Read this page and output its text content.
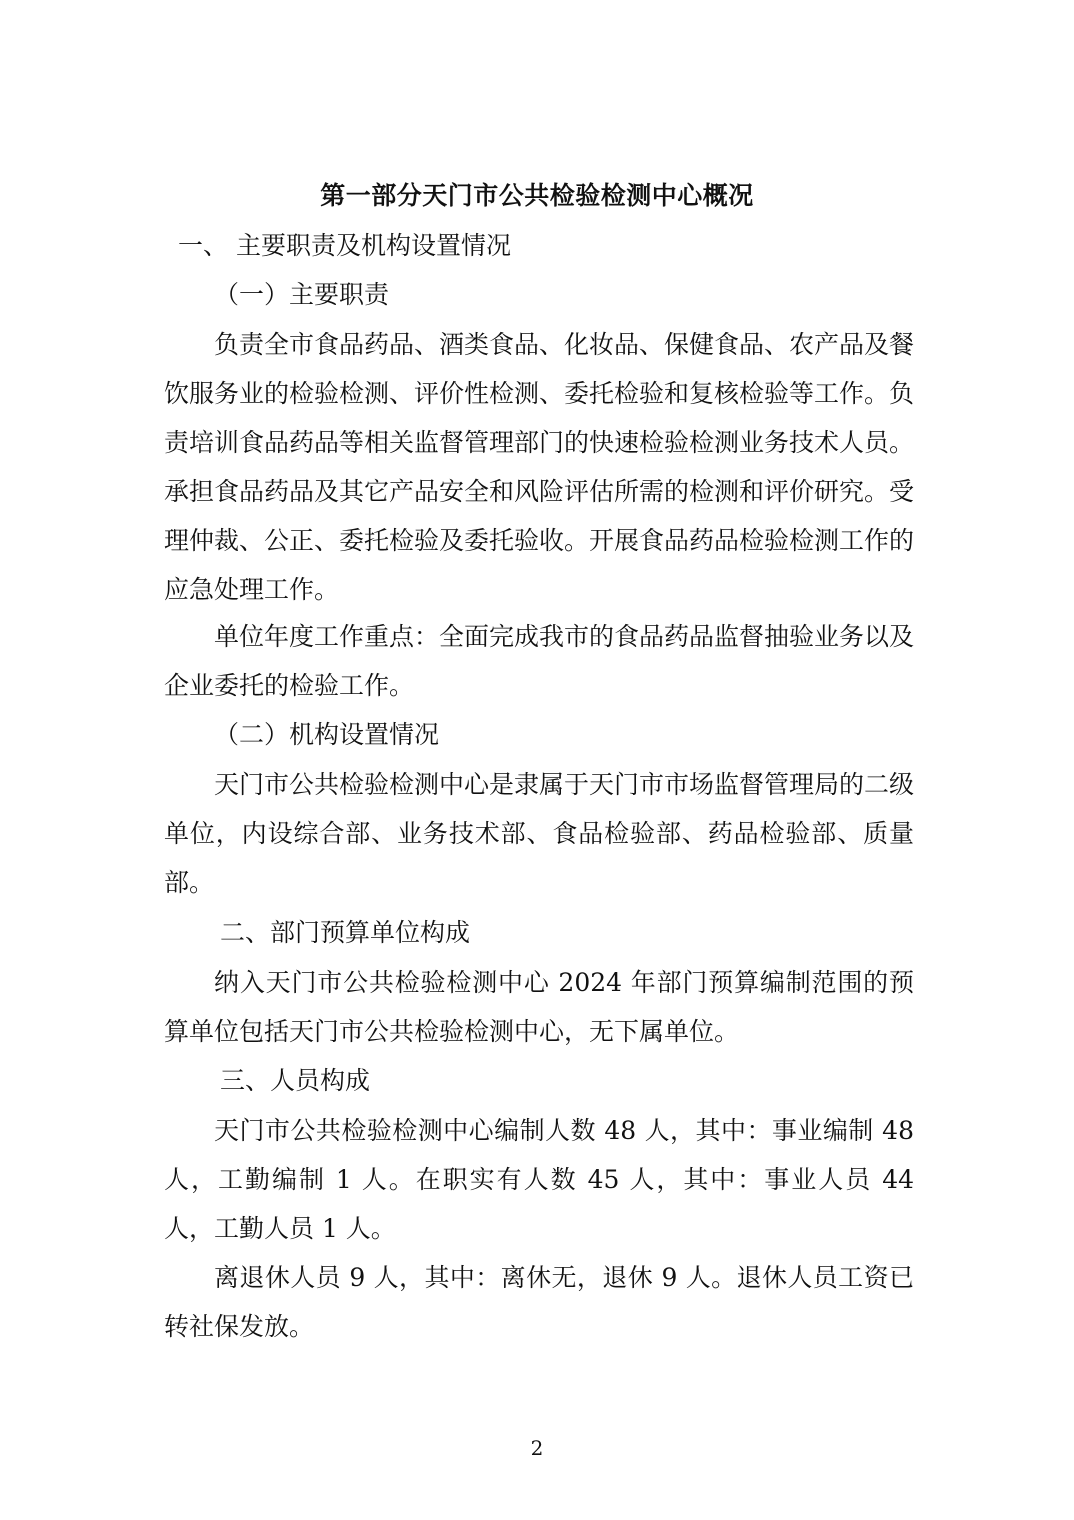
第一部分天门市公共检验检测中心概况
一、 主要职责及机构设置情况
（一）主要职责
负责全市食品药品、酒类食品、化妆品、保健食品、农产品及餐饮服务业的检验检测、评价性检测、委托检验和复核检验等工作。负责培训食品药品等相关监督管理部门的快速检验检测业务技术人员。承担食品药品及其它产品安全和风险评估所需的检测和评价研究。受理仲裁、公正、委托检验及委托验收。开展食品药品检验检测工作的应急处理工作。
单位年度工作重点：全面完成我市的食品药品监督抽验业务以及企业委托的检验工作。
（二）机构设置情况
天门市公共检验检测中心是隶属于天门市市场监督管理局的二级单位，内设综合部、业务技术部、食品检验部、药品检验部、质量部。
二、部门预算单位构成
纳入天门市公共检验检测中心 2024 年部门预算编制范围的预算单位包括天门市公共检验检测中心，无下属单位。
三、人员构成
天门市公共检验检测中心编制人数 48 人，其中：事业编制 48 人，工勤编制 1 人。在职实有人数 45 人，其中：事业人员 44 人，工勤人员 1 人。
离退休人员 9 人，其中：离休无，退休 9 人。退休人员工资已转社保发放。
2
